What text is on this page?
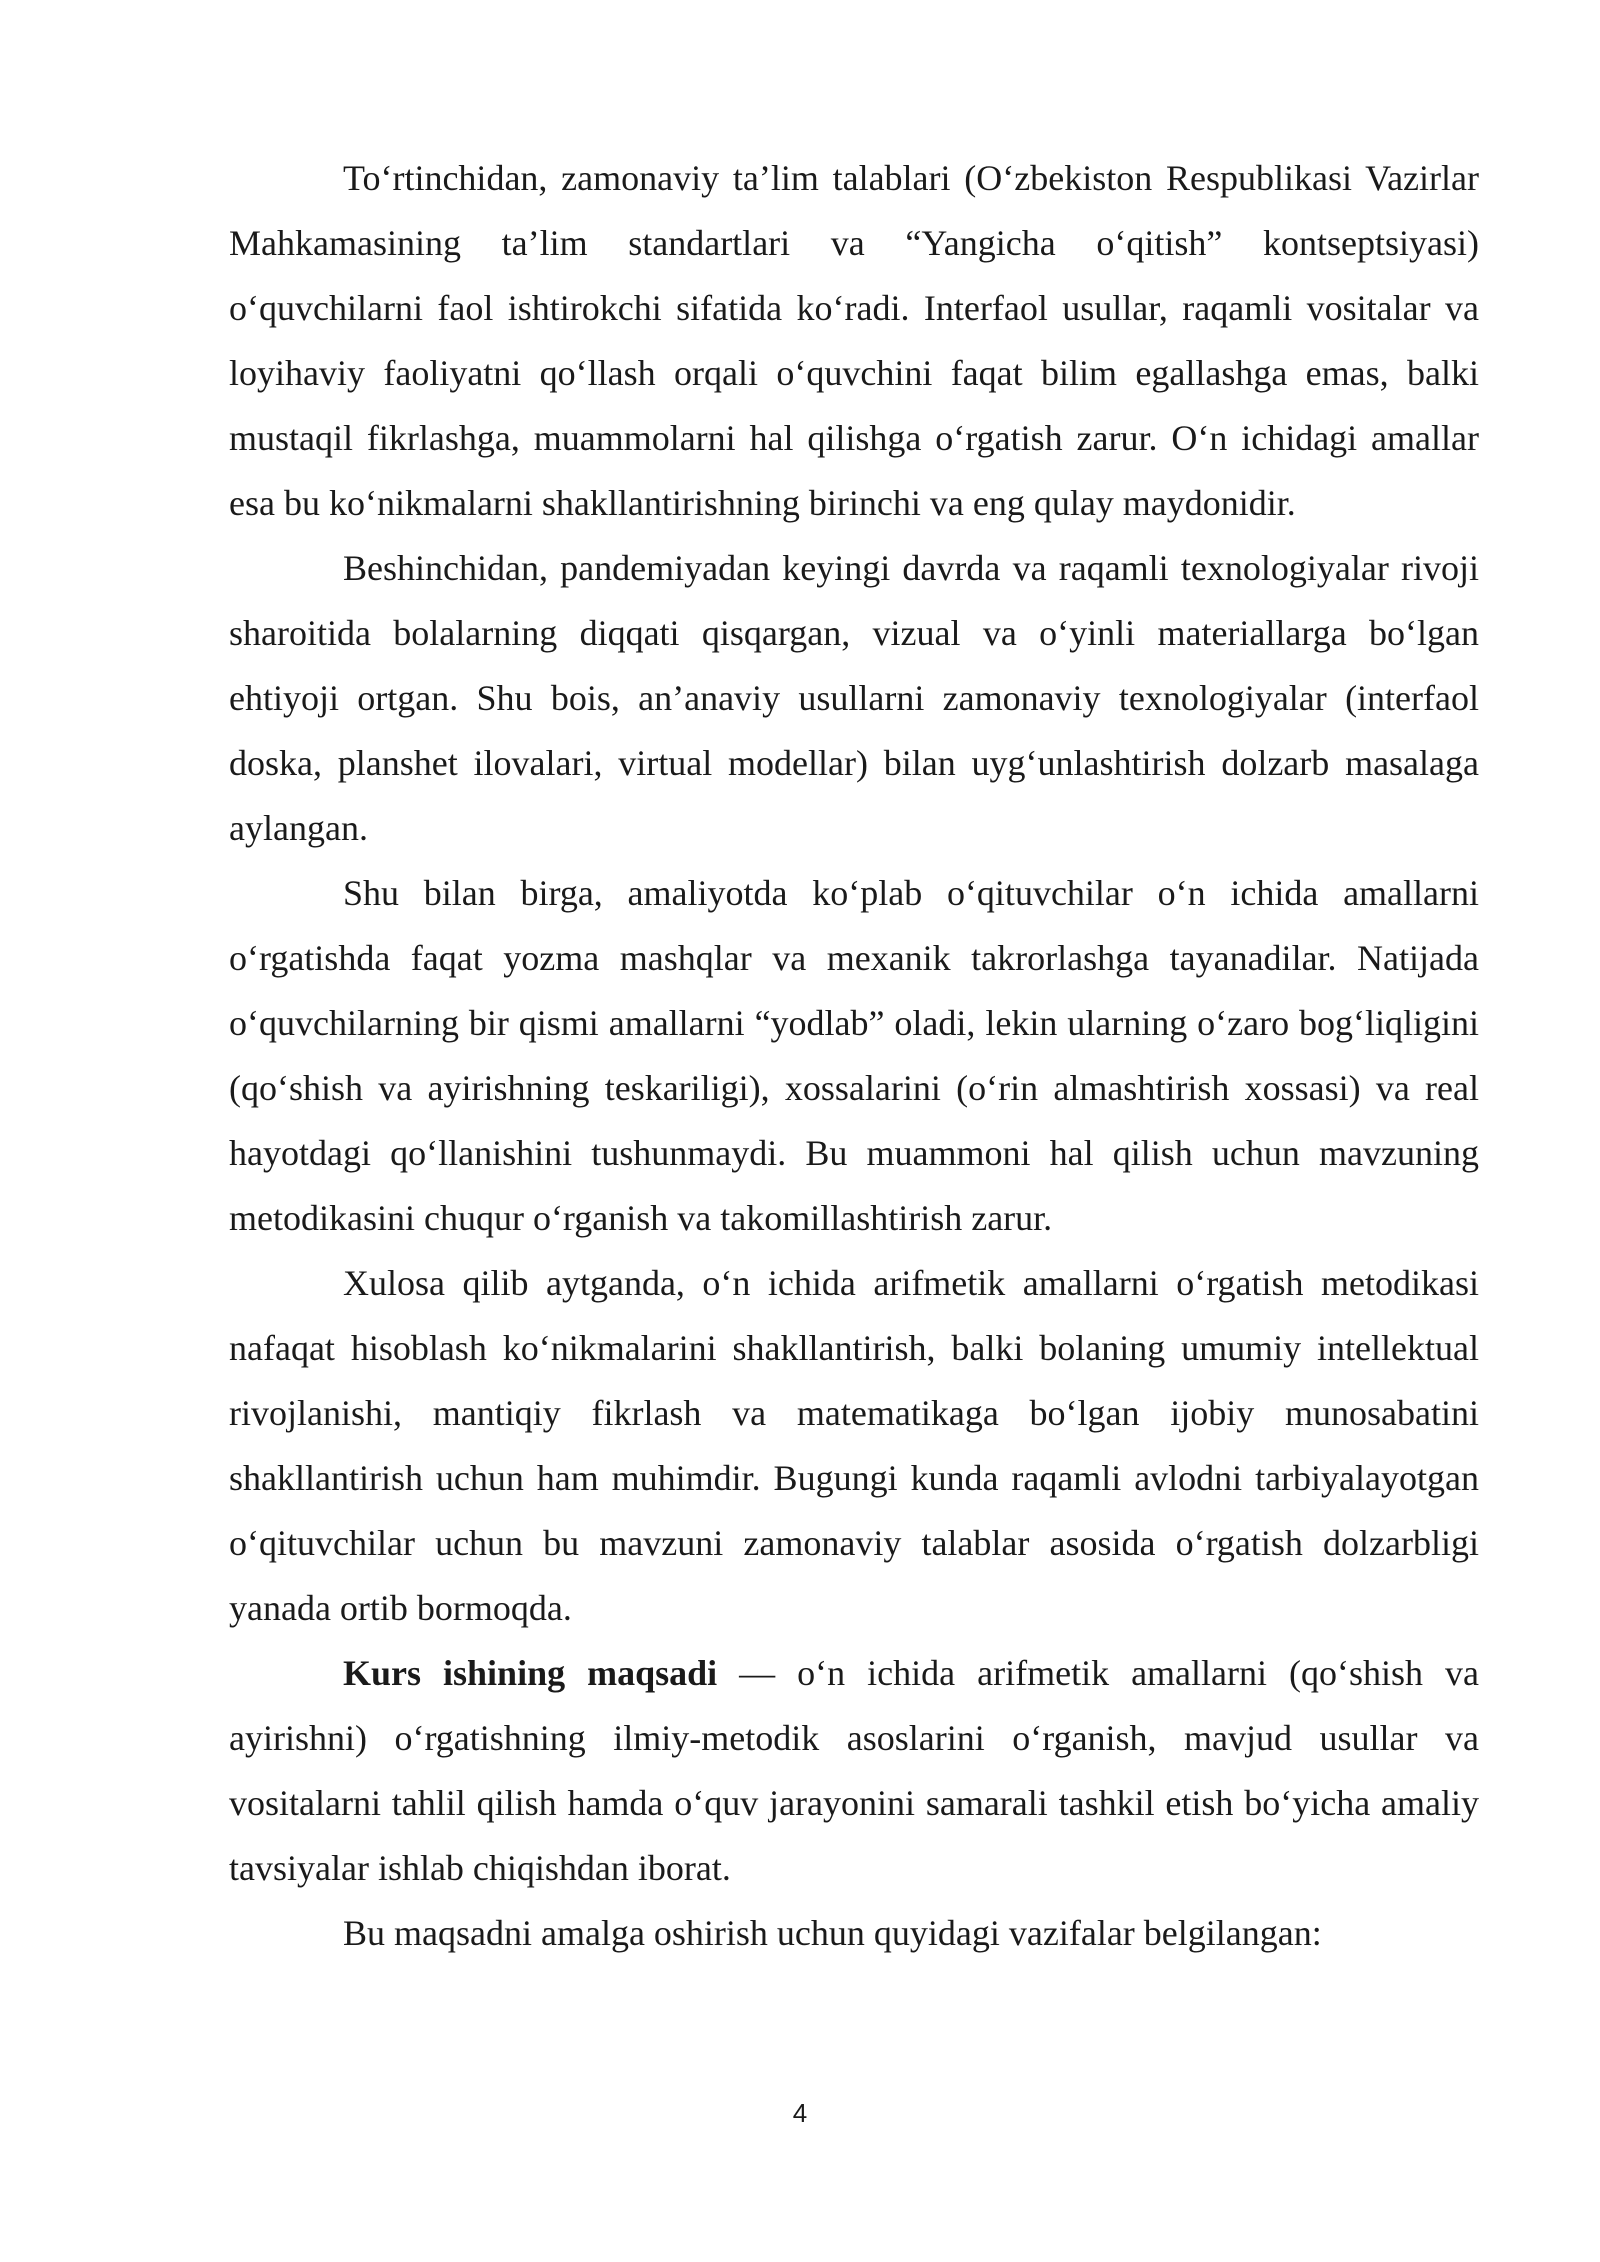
To‘rtinchidan, zamonaviy ta’lim talablari (O‘zbekiston Respublikasi Vazirlar Mahkamasining ta’lim standartlari va “Yangicha o‘qitish” kontseptsiyasi) o‘quvchilarni faol ishtirokchi sifatida ko‘radi. Interfaol usullar, raqamli vositalar va loyihaviy faoliyatni qo‘llash orqali o‘quvchini faqat bilim egallashga emas, balki mustaqil fikrlashga, muammolarni hal qilishga o‘rgatish zarur. O‘n ichidagi amallar esa bu ko‘nikmalarni shakllantirishning birinchi va eng qulay maydonidir.

Beshinchidan, pandemiyadan keyingi davrda va raqamli texnologiyalar rivoji sharoitida bolalarning diqqati qisqargan, vizual va o‘yinli materiallarga bo‘lgan ehtiyoji ortgan. Shu bois, an’anaviy usullarni zamonaviy texnologiyalar (interfaol doska, planshet ilovalari, virtual modellar) bilan uyg‘unlashtirish dolzarb masalaga aylangan.

Shu bilan birga, amaliyotda ko‘plab o‘qituvchilar o‘n ichida amallarni o‘rgatishda faqat yozma mashqlar va mexanik takrorlashga tayanadilar. Natijada o‘quvchilarning bir qismi amallarni “yodlab” oladi, lekin ularning o‘zaro bog‘liqligini (qo‘shish va ayirishning teskariligi), xossalarini (o‘rin almashtirish xossasi) va real hayotdagi qo‘llanishini tushunmaydi. Bu muammoni hal qilish uchun mavzuning metodikasini chuqur o‘rganish va takomillashtirish zarur.

Xulosa qilib aytganda, o‘n ichida arifmetik amallarni o‘rgatish metodikasi nafaqat hisoblash ko‘nikmalarini shakllantirish, balki bolaning umumiy intellektual rivojlanishi, mantiqiy fikrlash va matematikaga bo‘lgan ijobiy munosabatini shakllantirish uchun ham muhimdir. Bugungi kunda raqamli avlodni tarbiyalayotgan o‘qituvchilar uchun bu mavzuni zamonaviy talablar asosida o‘rgatish dolzarbligi yanada ortib bormoqda.

Kurs ishining maqsadi — o‘n ichida arifmetik amallarni (qo‘shish va ayirishni) o‘rgatishning ilmiy-metodik asoslarini o‘rganish, mavjud usullar va vositalarni tahlil qilish hamda o‘quv jarayonini samarali tashkil etish bo‘yicha amaliy tavsiyalar ishlab chiqishdan iborat.

Bu maqsadni amalga oshirish uchun quyidagi vazifalar belgilangan:

4
